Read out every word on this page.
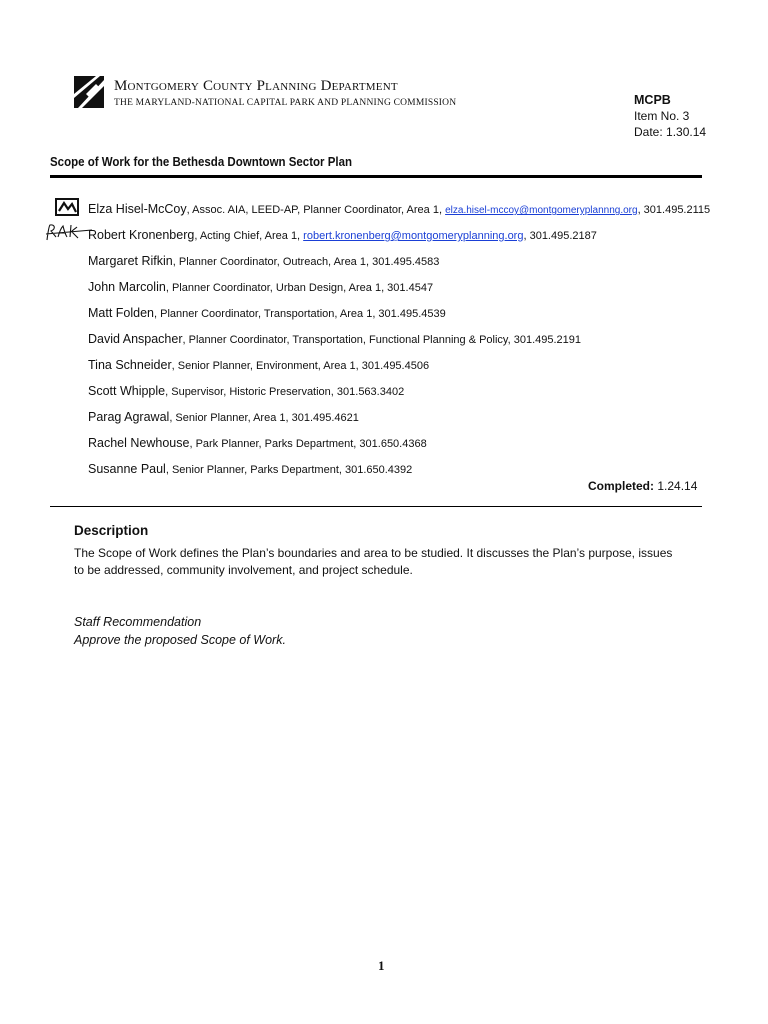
Montgomery County Planning Department
THE MARYLAND-NATIONAL CAPITAL PARK AND PLANNING COMMISSION	MCPB
Item No. 3
Date: 1.30.14
Scope of Work for the Bethesda Downtown Sector Plan
Elza Hisel-McCoy, Assoc. AIA, LEED-AP, Planner Coordinator, Area 1, elza.hisel-mccoy@montgomeryplannng.org, 301.495.2115
Robert Kronenberg, Acting Chief, Area 1, robert.kronenberg@montgomeryplanning.org, 301.495.2187
Margaret Rifkin, Planner Coordinator, Outreach, Area 1, 301.495.4583
John Marcolin, Planner Coordinator, Urban Design, Area 1, 301.4547
Matt Folden, Planner Coordinator, Transportation, Area 1, 301.495.4539
David Anspacher, Planner Coordinator, Transportation, Functional Planning & Policy, 301.495.2191
Tina Schneider, Senior Planner, Environment, Area 1, 301.495.4506
Scott Whipple, Supervisor, Historic Preservation, 301.563.3402
Parag Agrawal, Senior Planner, Area 1, 301.495.4621
Rachel Newhouse, Park Planner, Parks Department, 301.650.4368
Susanne Paul, Senior Planner, Parks Department, 301.650.4392
Completed: 1.24.14
Description
The Scope of Work defines the Plan’s boundaries and area to be studied. It discusses the Plan’s purpose, issues to be addressed, community involvement, and project schedule.
Staff Recommendation
Approve the proposed Scope of Work.
1
